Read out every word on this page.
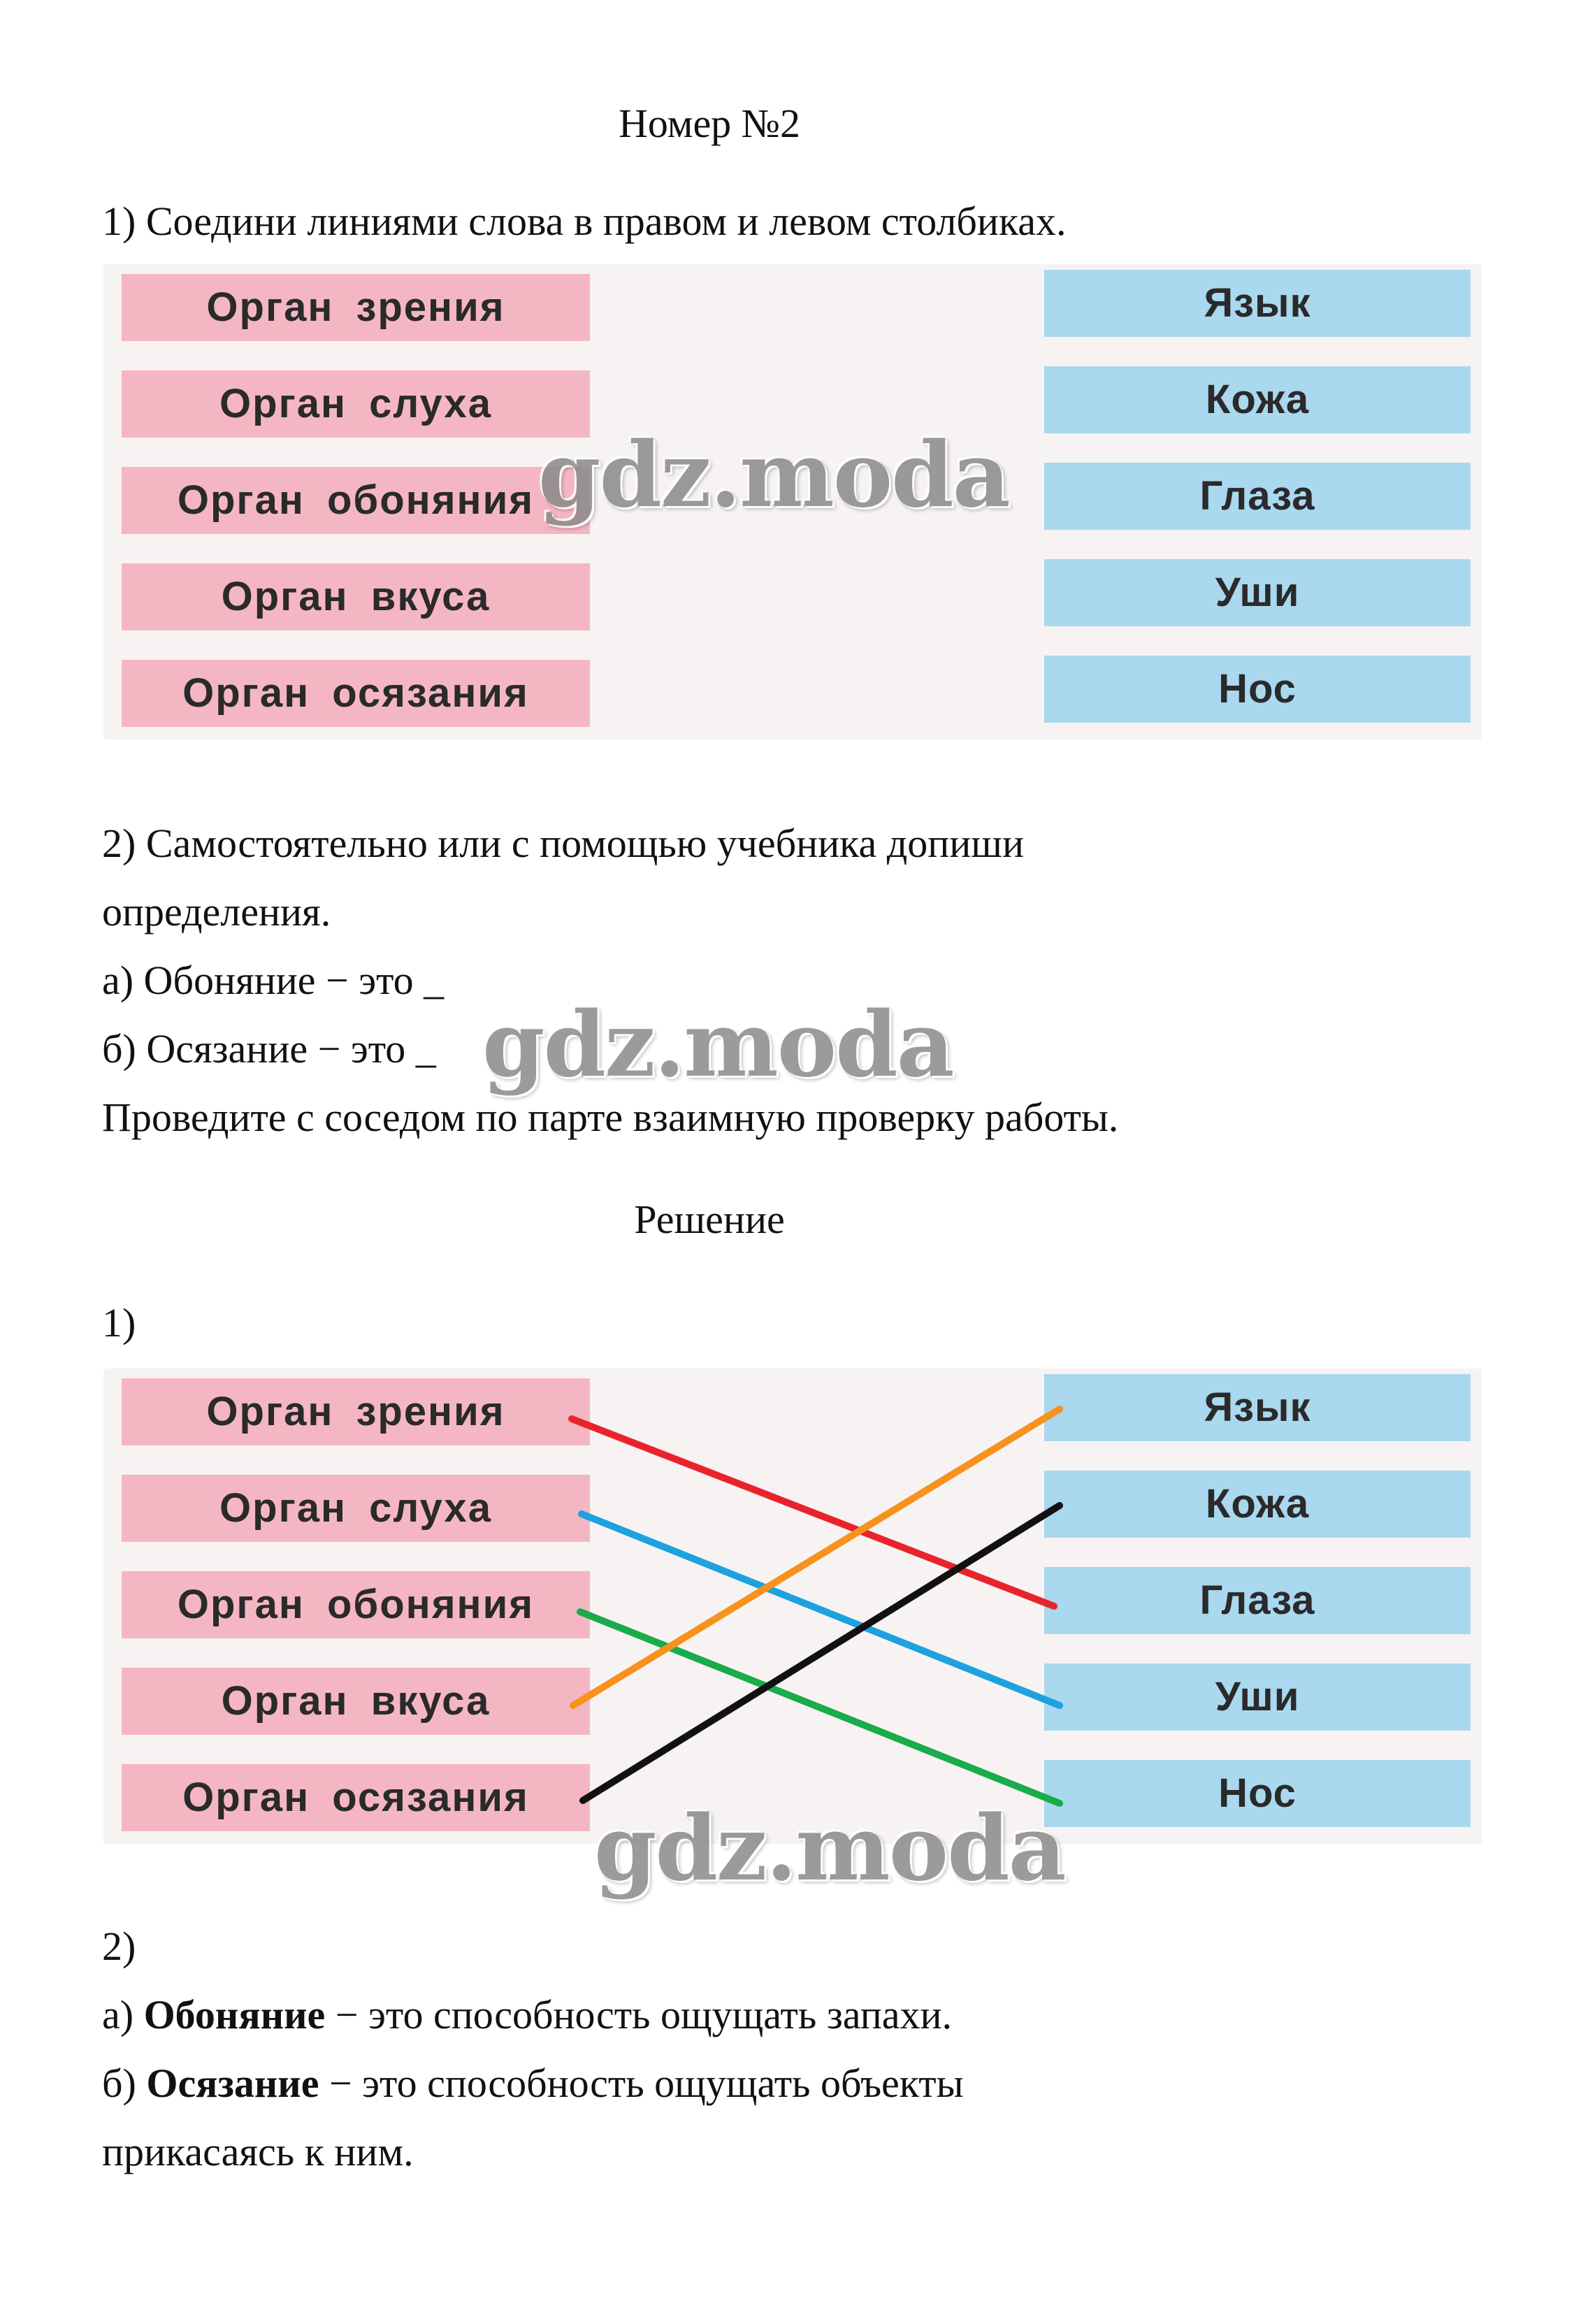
Номер №2
1) Соедини линиями слова в правом и левом столбиках.

Орган зрения
Орган слуха
Орган обоняния
Орган вкуса
Орган осязания
Язык
Кожа
Глаза
Уши
Нос
gdz.moda
2) Самостоятельно или с помощью учебника допиши
определения.
а) Обоняние − это _
б) Осязание − это _
Проведите с соседом по парте взаимную проверку работы.
gdz.moda
Решение
1)

Орган зрения
Орган слуха
Орган обоняния
Орган вкуса
Орган осязания
Язык
Кожа
Глаза
Уши
Нос
gdz.moda
2)
а) Обоняние − это способность ощущать запахи.
б) Осязание − это способность ощущать объекты
прикасаясь к ним.
